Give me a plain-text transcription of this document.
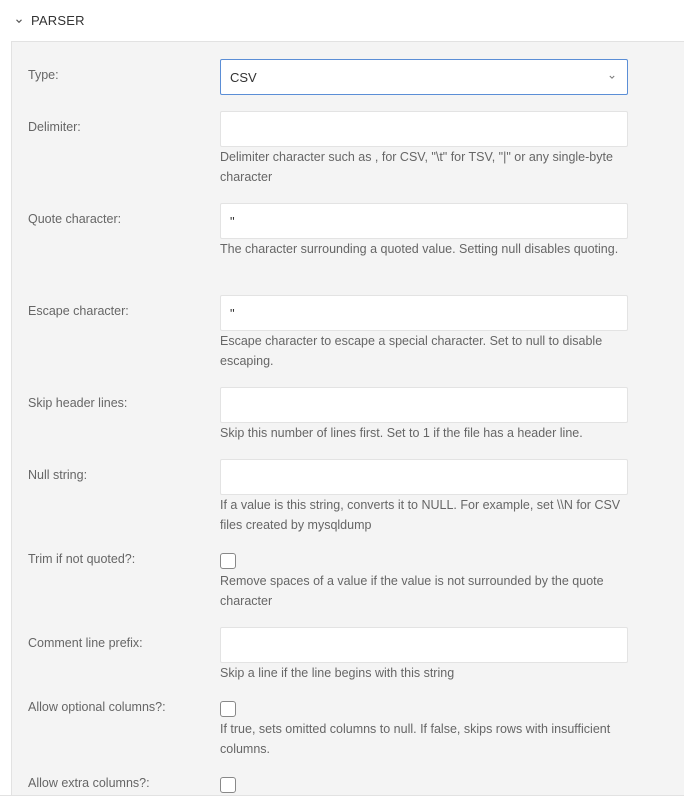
PARSER
Type:	CSV
Delimiter:
Delimiter character such as , for CSV, "\t" for TSV, "|" or any single-byte character
Quote character:
"
The character surrounding a quoted value. Setting null disables quoting.
Escape character:
"
Escape character to escape a special character. Set to null to disable escaping.
Skip header lines:
Skip this number of lines first. Set to 1 if the file has a header line.
Null string:
If a value is this string, converts it to NULL. For example, set \\N for CSV files created by mysqldump
Trim if not quoted?:
Remove spaces of a value if the value is not surrounded by the quote character
Comment line prefix:
Skip a line if the line begins with this string
Allow optional columns?:
If true, sets omitted columns to null. If false, skips rows with insufficient columns.
Allow extra columns?:
